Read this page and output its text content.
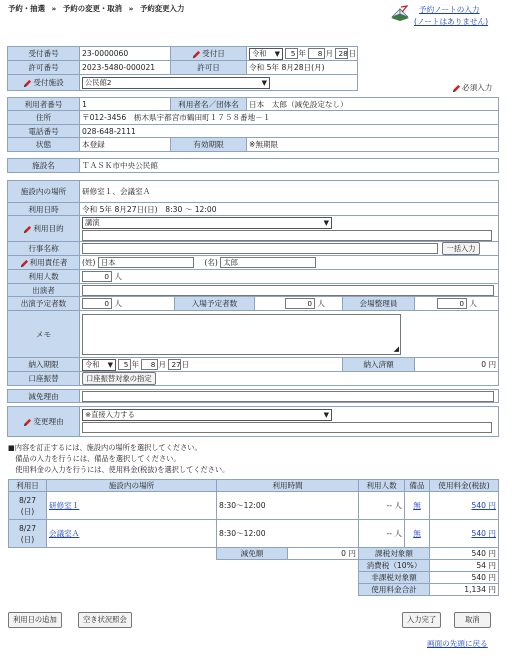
予約・抽選 » 予約の変更・取消 » 予約変更入力	予約ノートの入力
(ノートはありません)
受付番号	23-0000060	受付日	令和 ▼ 5 年 8 月 28日
許可番号	2023-5480-000021	許可日	令和 5年 8月28日(月)
受付施設	公民館2 ▼		
必須入力
利用者番号	1	利用者名／団体名	日本　太郎（減免設定なし）
住所	〒012-3456　栃木県宇都宮市鶴田町１７５８番地－１		
電話番号	028-648-2111		
状態	本登録	有効期限	※無期限
施設名	ＴＡＳＫ市中央公民館
施設内の場所	研修室１、会議室Ａ				
利用日時	令和 5年 8月27日(日)　8:30 ～ 12:00				
利用目的	講演 ▼				

行事名称	一括入力				
利用責任者	(姓) 日本 (名) 太郎				
利用人数	0 人				
出演者					
出演予定者数	0 人	入場予定者数	0 人	会場整理員	0 人
メモ	◢				

納入期限	令和 ▼ 5 年 8 月 27日			納入済額	0 円
口座振替	口座振替対象の指定				
減免理由	
変更理由	※直接入力する	▼

■内容を訂正するには、施設内の場所を選択してください。
　備品の入力を行うには、備品を選択してください。
　使用料金の入力を行うには、使用料金(税抜)を選択してください。
利用日	施設内の場所	利用時間	利用人数	備品	使用料金(税抜)

8/27
(日)	研修室１	8:30～12:00	-- 人	無	540 円

8/27
(日)	会議室Ａ	8:30～12:00	-- 人	無	540 円
減免額	0 円	課税対象額	540 円
		消費税（10%）	54 円
		非課税対象額	540 円
		使用料金合計	1,134 円
利用日の追加	空き状況照会	入力完了	取消
画面の先頭に戻る
